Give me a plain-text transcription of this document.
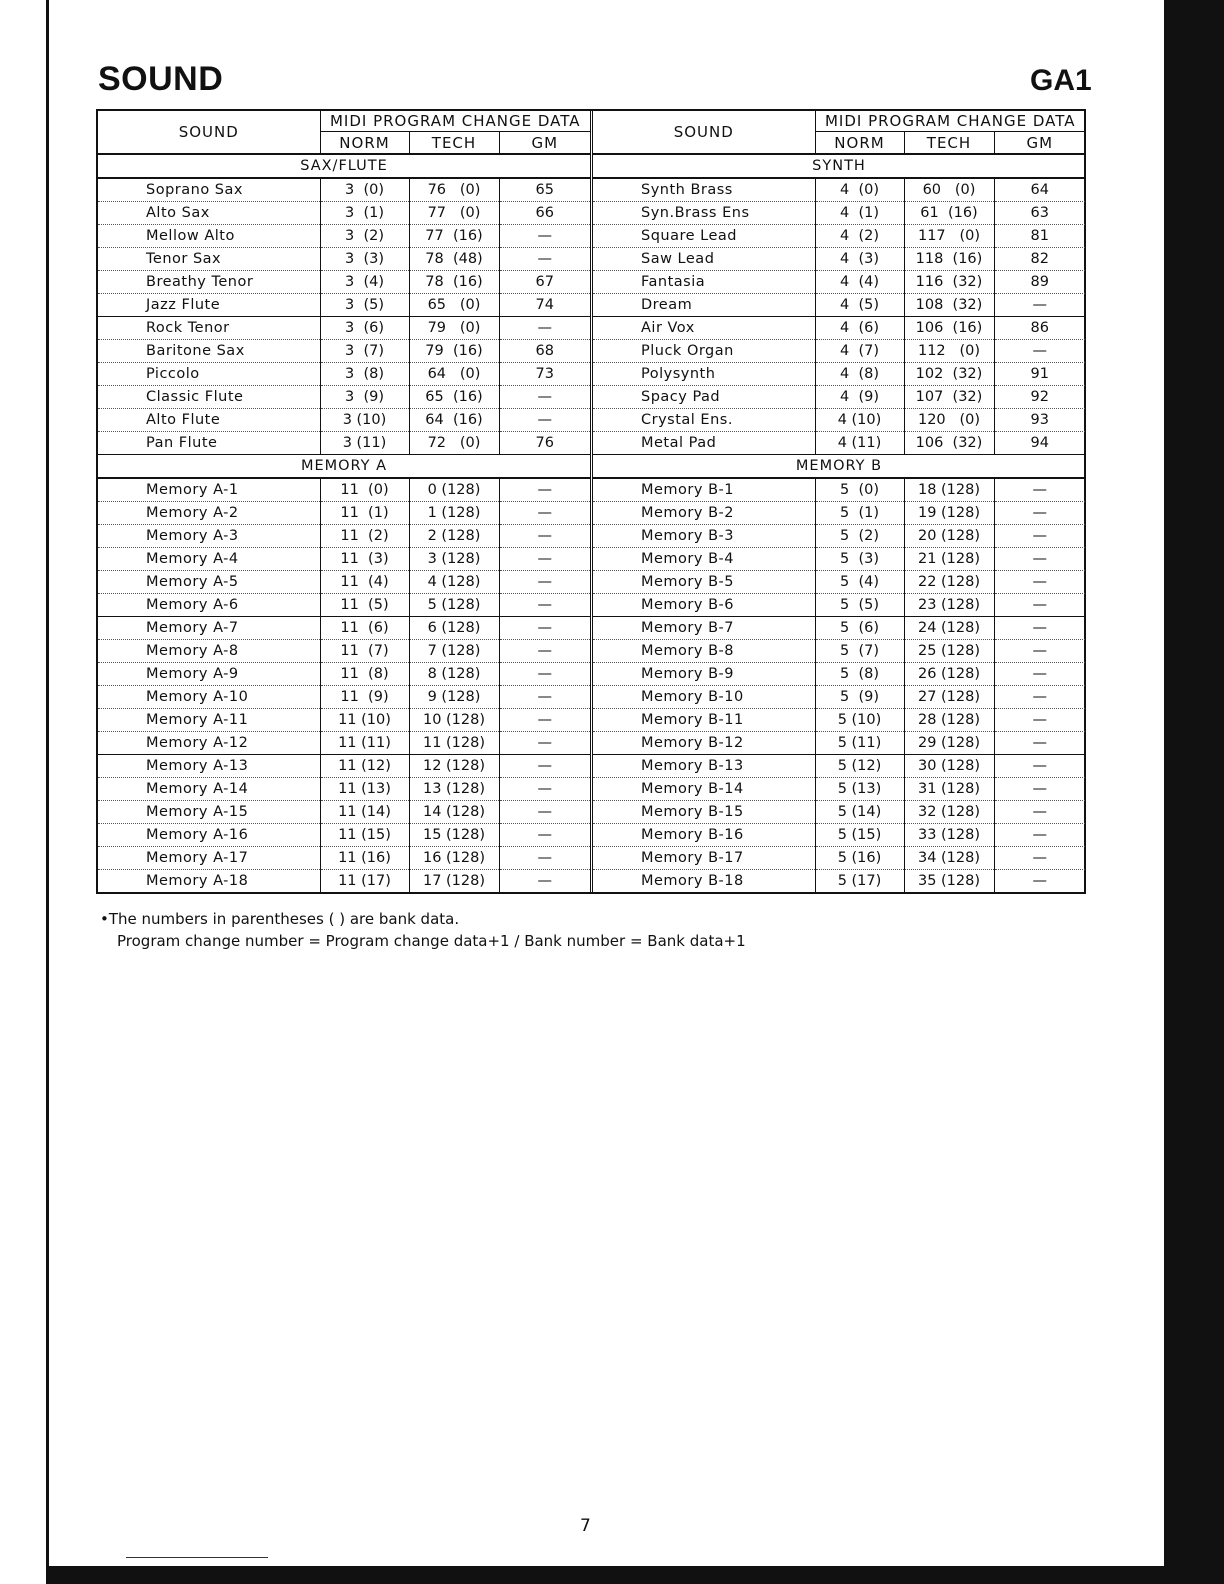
SOUND	GA1
SOUND	MIDI PROGRAM CHANGE DATA		
	NORM	TECH	GM
SAX∕FLUTE			
Soprano Sax	3  (0)	76   (0)	65
Alto Sax	3  (1)	77   (0)	66
Mellow Alto	3  (2)	77  (16)	—
Tenor Sax	3  (3)	78  (48)	—
Breathy Tenor	3  (4)	78  (16)	67
Jazz Flute	3  (5)	65   (0)	74
Rock Tenor	3  (6)	79   (0)	—
Baritone Sax	3  (7)	79  (16)	68
Piccolo	3  (8)	64   (0)	73
Classic Flute	3  (9)	65  (16)	—
Alto Flute	3 (10)	64  (16)	—
Pan Flute	3 (11)	72   (0)	76
MEMORY A			
Memory A-1	11  (0)	0 (128)	—
Memory A-2	11  (1)	1 (128)	—
Memory A-3	11  (2)	2 (128)	—
Memory A-4	11  (3)	3 (128)	—
Memory A-5	11  (4)	4 (128)	—
Memory A-6	11  (5)	5 (128)	—
Memory A-7	11  (6)	6 (128)	—
Memory A-8	11  (7)	7 (128)	—
Memory A-9	11  (8)	8 (128)	—
Memory A-10	11  (9)	9 (128)	—
Memory A-11	11 (10)	10 (128)	—
Memory A-12	11 (11)	11 (128)	—
Memory A-13	11 (12)	12 (128)	—
Memory A-14	11 (13)	13 (128)	—
Memory A-15	11 (14)	14 (128)	—
Memory A-16	11 (15)	15 (128)	—
Memory A-17	11 (16)	16 (128)	—
Memory A-18	11 (17)	17 (128)	—
SOUND	MIDI PROGRAM CHANGE DATA		
	NORM	TECH	GM
SYNTH			
Synth Brass	4  (0)	60   (0)	64
Syn.Brass Ens	4  (1)	61  (16)	63
Square Lead	4  (2)	117   (0)	81
Saw Lead	4  (3)	118  (16)	82
Fantasia	4  (4)	116  (32)	89
Dream	4  (5)	108  (32)	—
Air Vox	4  (6)	106  (16)	86
Pluck Organ	4  (7)	112   (0)	—
Polysynth	4  (8)	102  (32)	91
Spacy Pad	4  (9)	107  (32)	92
Crystal Ens.	4 (10)	120   (0)	93
Metal Pad	4 (11)	106  (32)	94
MEMORY B			
Memory B-1	5  (0)	18 (128)	—
Memory B-2	5  (1)	19 (128)	—
Memory B-3	5  (2)	20 (128)	—
Memory B-4	5  (3)	21 (128)	—
Memory B-5	5  (4)	22 (128)	—
Memory B-6	5  (5)	23 (128)	—
Memory B-7	5  (6)	24 (128)	—
Memory B-8	5  (7)	25 (128)	—
Memory B-9	5  (8)	26 (128)	—
Memory B-10	5  (9)	27 (128)	—
Memory B-11	5 (10)	28 (128)	—
Memory B-12	5 (11)	29 (128)	—
Memory B-13	5 (12)	30 (128)	—
Memory B-14	5 (13)	31 (128)	—
Memory B-15	5 (14)	32 (128)	—
Memory B-16	5 (15)	33 (128)	—
Memory B-17	5 (16)	34 (128)	—
Memory B-18	5 (17)	35 (128)	—

•The numbers in parentheses ( ) are bank data.

Program change number = Program change data+1 ∕ Bank number = Bank data+1

7
